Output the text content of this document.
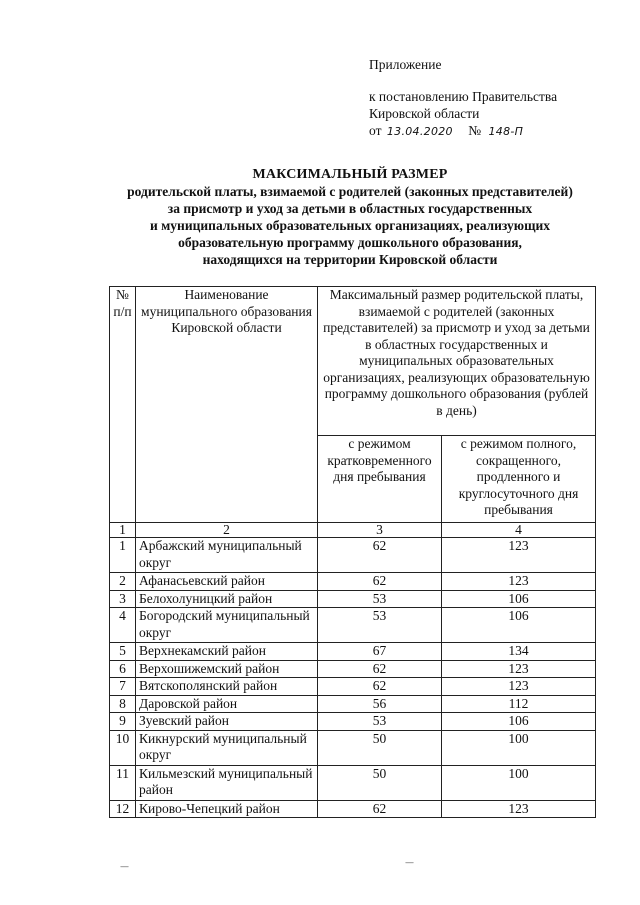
Приложение
к постановлению Правительства
Кировской области
от 13.04.2020 № 148-П
МАКСИМАЛЬНЫЙ РАЗМЕР
родительской платы, взимаемой с родителей (законных представителей)
за присмотр и уход за детьми в областных государственных
и муниципальных образовательных организациях, реализующих
образовательную программу дошкольного образования,
находящихся на территории Кировской области
№ п/п	Наименование муниципального образования Кировской области	Максимальный размер родительской платы, взимаемой с родителей (законных представителей) за присмотр и уход за детьми в областных государственных и муниципальных образовательных организациях, реализующих образовательную программу дошкольного образования (рублей в день)	
		с режимом кратковременного дня пребывания	с режимом полного, сокращенного, продленного и круглосуточного дня пребывания
1	2	3	4
1	Арбажский муниципальный округ	62	123
2	Афанасьевский район	62	123
3	Белохолуницкий район	53	106
4	Богородский муниципальный округ	53	106
5	Верхнекамский район	67	134
6	Верхошижемский район	62	123
7	Вятскополянский район	62	123
8	Даровской район	56	112
9	Зуевский район	53	106
10	Кикнурский муниципальный округ	50	100
11	Кильмезский муниципальный район	50	100
12	Кирово-Чепецкий район	62	123
—	—
